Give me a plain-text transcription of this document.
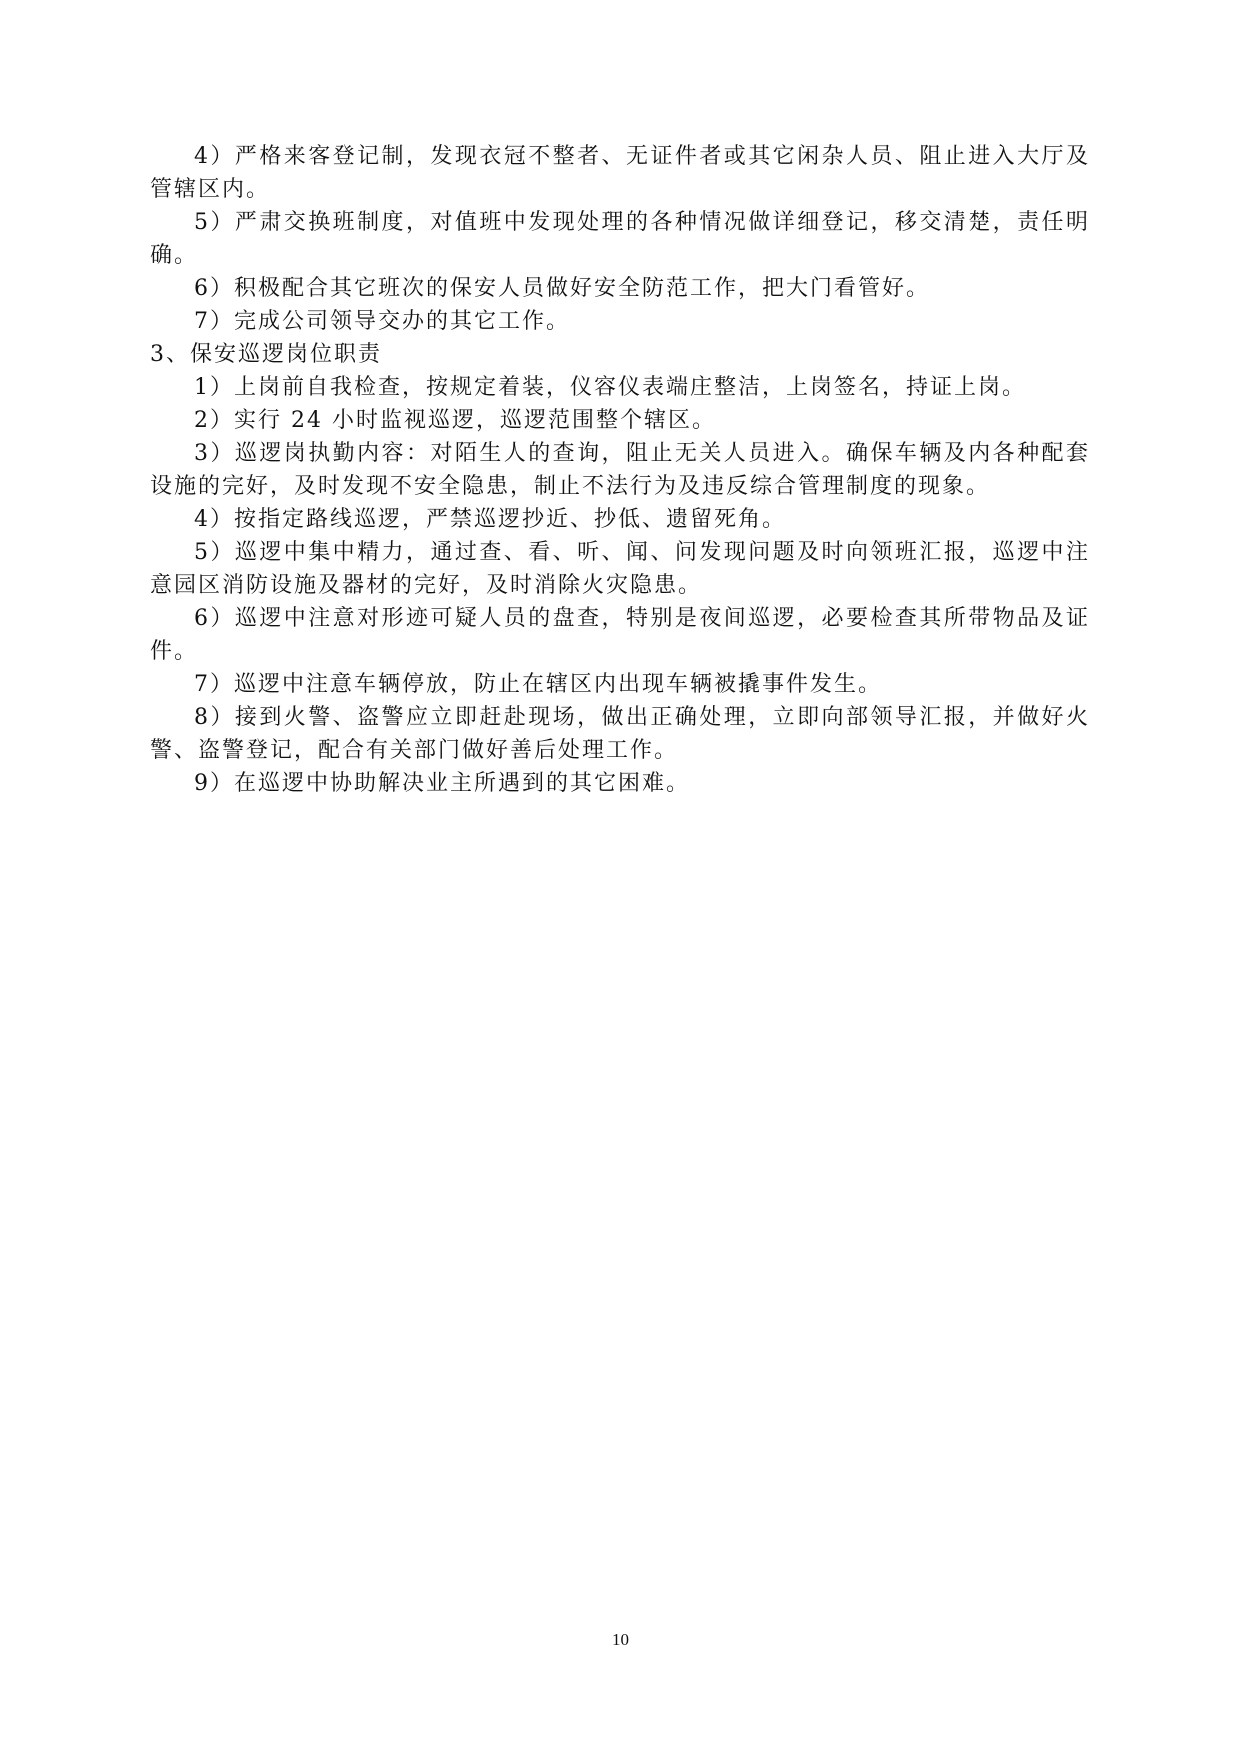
4）严格来客登记制，发现衣冠不整者、无证件者或其它闲杂人员、阻止进入大厅及管辖区内。

5）严肃交换班制度，对值班中发现处理的各种情况做详细登记，移交清楚，责任明确。

6）积极配合其它班次的保安人员做好安全防范工作，把大门看管好。

7）完成公司领导交办的其它工作。

3、保安巡逻岗位职责

1）上岗前自我检查，按规定着装，仪容仪表端庄整洁，上岗签名，持证上岗。

2）实行 24 小时监视巡逻，巡逻范围整个辖区。

3）巡逻岗执勤内容：对陌生人的查询，阻止无关人员进入。确保车辆及内各种配套设施的完好，及时发现不安全隐患，制止不法行为及违反综合管理制度的现象。

4）按指定路线巡逻，严禁巡逻抄近、抄低、遗留死角。

5）巡逻中集中精力，通过查、看、听、闻、问发现问题及时向领班汇报，巡逻中注意园区消防设施及器材的完好，及时消除火灾隐患。

6）巡逻中注意对形迹可疑人员的盘查，特别是夜间巡逻，必要检查其所带物品及证件。

7）巡逻中注意车辆停放，防止在辖区内出现车辆被撬事件发生。

8）接到火警、盗警应立即赶赴现场，做出正确处理，立即向部领导汇报，并做好火警、盗警登记，配合有关部门做好善后处理工作。

9）在巡逻中协助解决业主所遇到的其它困难。

10
